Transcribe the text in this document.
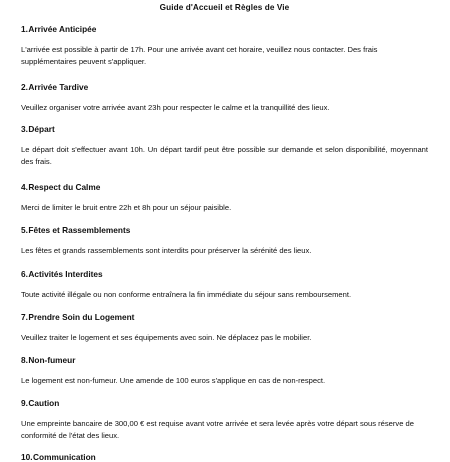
Guide d'Accueil et Règles de Vie
1.Arrivée Anticipée

L'arrivée est possible à partir de 17h. Pour une arrivée avant cet horaire, veuillez nous contacter. Des frais supplémentaires peuvent s'appliquer.

2.Arrivée Tardive

Veuillez organiser votre arrivée avant 23h pour respecter le calme et la tranquillité des lieux.

3.Départ

Le départ doit s'effectuer avant 10h. Un départ tardif peut être possible sur demande et selon disponibilité, moyennant des frais.

4.Respect du Calme

Merci de limiter le bruit entre 22h et 8h pour un séjour paisible.

5.Fêtes et Rassemblements

Les fêtes et grands rassemblements sont interdits pour préserver la sérénité des lieux.

6.Activités Interdites

Toute activité illégale ou non conforme entraînera la fin immédiate du séjour sans remboursement.

7.Prendre Soin du Logement

Veuillez traiter le logement et ses équipements avec soin. Ne déplacez pas le mobilier.

8.Non-fumeur

Le logement est non-fumeur. Une amende de 100 euros s'applique en cas de non-respect.

9.Caution

Une empreinte bancaire de 300,00 € est requise avant votre arrivée et sera levée après votre départ sous réserve de conformité de l'état des lieux.

10.Communication
